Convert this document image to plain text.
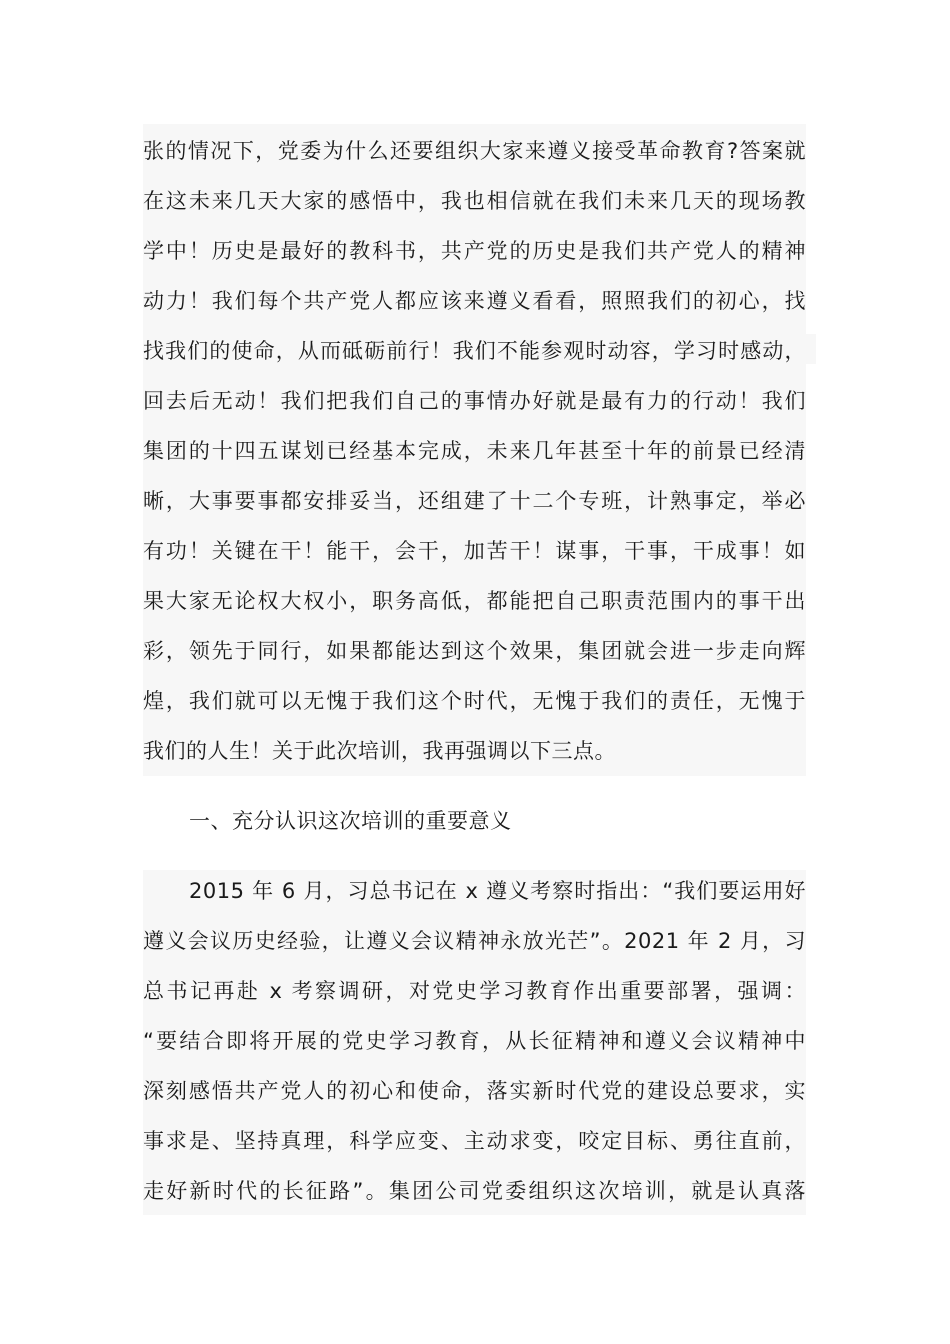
张的情况下，党委为什么还要组织大家来遵义接受革命教育?答案就
在这未来几天大家的感悟中，我也相信就在我们未来几天的现场教
学中！历史是最好的教科书，共产党的历史是我们共产党人的精神
动力！我们每个共产党人都应该来遵义看看，照照我们的初心，找
找我们的使命，从而砥砺前行！我们不能参观时动容，学习时感动，
回去后无动！我们把我们自己的事情办好就是最有力的行动！我们
集团的十四五谋划已经基本完成，未来几年甚至十年的前景已经清
晰，大事要事都安排妥当，还组建了十二个专班，计熟事定，举必
有功！关键在干！能干，会干，加苦干！谋事，干事，干成事！如
果大家无论权大权小，职务高低，都能把自己职责范围内的事干出
彩，领先于同行，如果都能达到这个效果，集团就会进一步走向辉
煌，我们就可以无愧于我们这个时代，无愧于我们的责任，无愧于
我们的人生！关于此次培训，我再强调以下三点。
一、充分认识这次培训的重要意义
2015 年 6 月，习总书记在 x 遵义考察时指出：“我们要运用好
遵义会议历史经验，让遵义会议精神永放光芒”。2021 年 2 月，习
总书记再赴 x 考察调研，对党史学习教育作出重要部署，强调：
“要结合即将开展的党史学习教育，从长征精神和遵义会议精神中
深刻感悟共产党人的初心和使命，落实新时代党的建设总要求，实
事求是、坚持真理，科学应变、主动求变，咬定目标、勇往直前，
走好新时代的长征路”。集团公司党委组织这次培训，就是认真落
